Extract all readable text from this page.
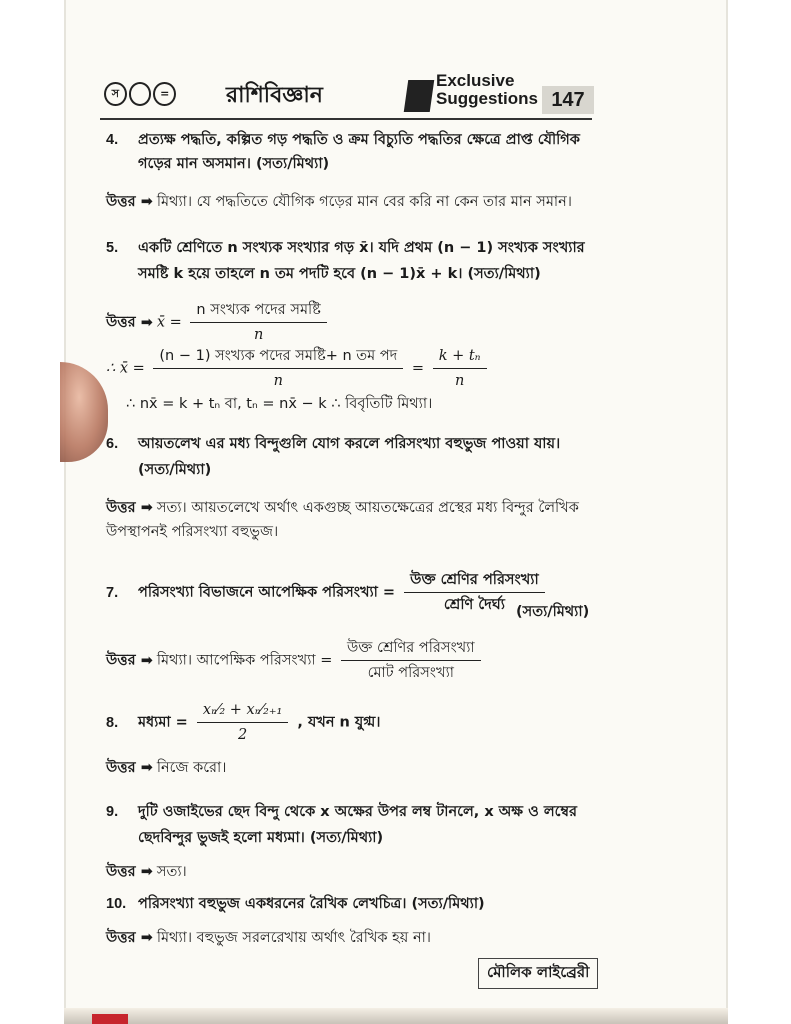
স	=	রাশিবিজ্ঞান
Exclusive
Suggestions 147
4. প্রত্যক্ষ পদ্ধতি, কল্পিত গড় পদ্ধতি ও ক্রম বিচ্যুতি পদ্ধতির ক্ষেত্রে প্রাপ্ত যৌগিক
গড়ের মান অসমান। (সত্য/মিথ্যা)
উত্তর ➡ মিথ্যা। যে পদ্ধতিতে যৌগিক গড়ের মান বের করি না কেন তার মান সমান।
5. একটি শ্রেণিতে n সংখ্যক সংখ্যার গড় x̄। যদি প্রথম (n − 1) সংখ্যক সংখ্যার
সমষ্টি k হয়ে তাহলে n তম পদটি হবে (n − 1)x̄ + k। (সত্য/মিথ্যা)
উত্তর ➡ x̄ = $\frac{\text{n সংখ্যক পদের সমষ্টি}}{n}$
∴ x̄ = $\frac{\text{(n − 1) সংখ্যক পদের সমষ্টি+ n তম পদ}}{n} = \frac{\text{k + tₙ}}{n}$
∴ nx̄ = k + tₙ বা, tₙ = nx̄ − k ∴ বিবৃতিটি মিথ্যা।
6. আয়তলেখ এর মধ্য বিন্দুগুলি যোগ করলে পরিসংখ্যা বহুভুজ পাওয়া যায়।
(সত্য/মিথ্যা)
উত্তর ➡ সত্য। আয়তলেখে অর্থাৎ একগুচ্ছ আয়তক্ষেত্রের প্রস্থের মধ্য বিন্দুর লৈখিক
উপস্থাপনই পরিসংখ্যা বহুভুজ।
7. পরিসংখ্যা বিভাজনে আপেক্ষিক পরিসংখ্যা = $\frac{\text{উক্ত শ্রেণির পরিসংখ্যা}}{\text{শ্রেণি দৈর্ঘ্য}}$
(সত্য/মিথ্যা)
উত্তর ➡ মিথ্যা। আপেক্ষিক পরিসংখ্যা = $\frac{\text{উক্ত শ্রেণির পরিসংখ্যা}}{\text{মোট পরিসংখ্যা}}$
8. মধ্যমা = $\frac{\text{xₙ⁄₂ + xₙ⁄₂₊₁}}{2}$ , যখন n যুগ্ম।
উত্তর ➡ নিজে করো।
9. দুটি ওজাইভের ছেদ বিন্দু থেকে x অক্ষের উপর লম্ব টানলে, x অক্ষ ও লম্বের
ছেদবিন্দুর ভুজই হলো মধ্যমা। (সত্য/মিথ্যা)
উত্তর ➡ সত্য।
10. পরিসংখ্যা বহুভুজ একধরনের রৈখিক লেখচিত্র। (সত্য/মিথ্যা)
উত্তর ➡ মিথ্যা। বহুভুজ সরলরেখায় অর্থাৎ রৈখিক হয় না।
মৌলিক লাইব্রেরী
